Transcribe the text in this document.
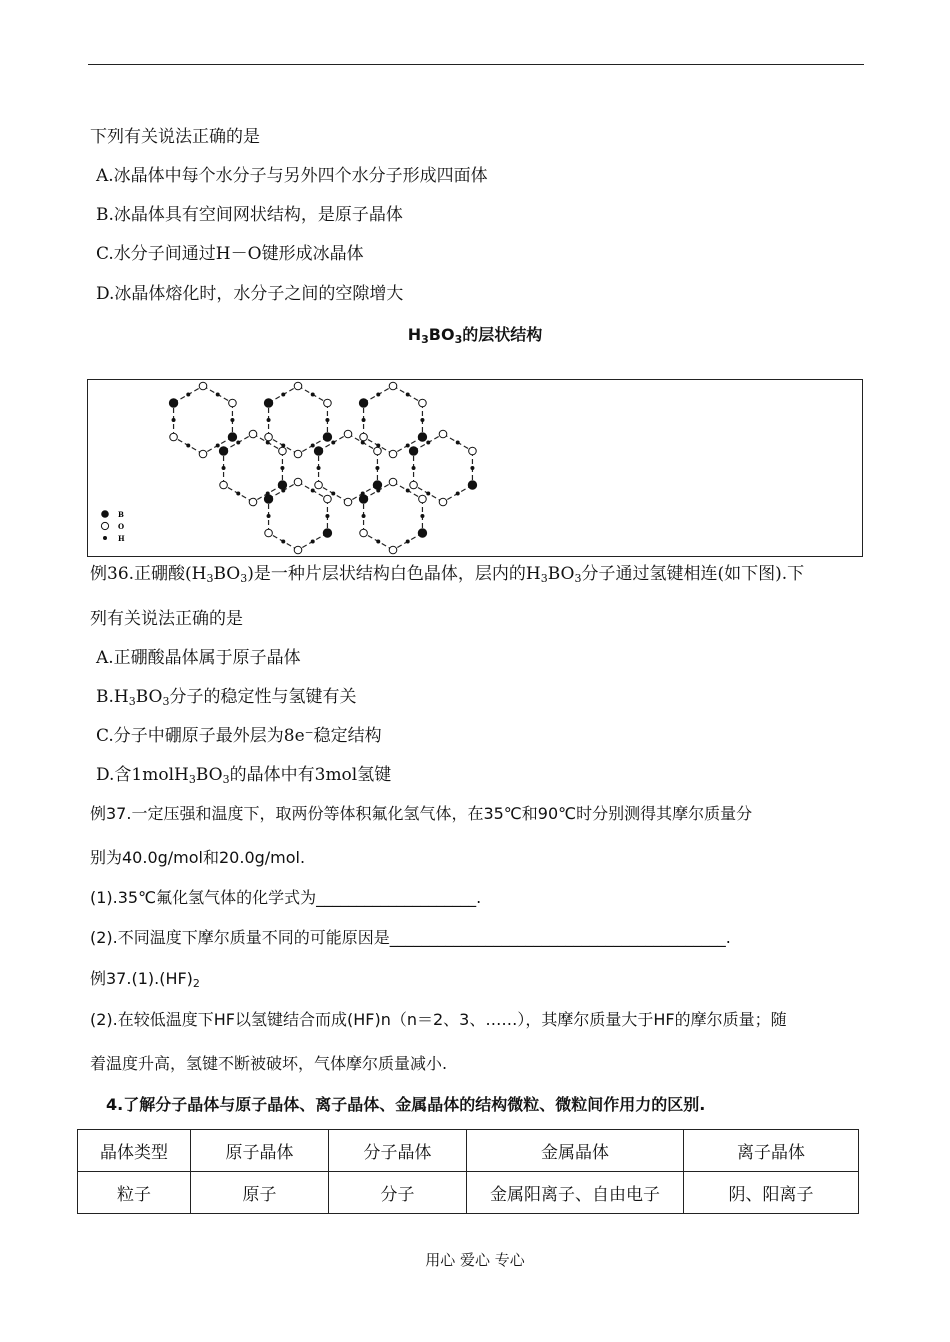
下列有关说法正确的是
A.冰晶体中每个水分子与另外四个水分子形成四面体
B.冰晶体具有空间网状结构，是原子晶体
C.水分子间通过H－O键形成冰晶体
D.冰晶体熔化时，水分子之间的空隙增大
$H_3BO_3$的层状结构
B
O
H
例36.正硼酸$(H_3BO_3)$是一种片层状结构白色晶体，层内的$H_3BO_3$分子通过氢键相连(如下图).下
列有关说法正确的是
A.正硼酸晶体属于原子晶体
$B.H_3BO_3$分子的稳定性与氢键有关
C.分子中硼原子最外层为8e⁻稳定结构
D.含$1molH_3BO_3$的晶体中有3mol氢键
例37.一定压强和温度下，取两份等体积氟化氢气体，在35℃和90℃时分别测得其摩尔质量分
别为40.0g/mol和20.0g/mol.
(1).35℃氟化氢气体的化学式为____________________.
(2).不同温度下摩尔质量不同的可能原因是__________________________________________.
例$37.(1).(HF)_2$
(2).在较低温度下HF以氢键结合而成(HF)n（n＝2、3、……），其摩尔质量大于HF的摩尔质量；随
着温度升高，氢键不断被破坏，气体摩尔质量减小.
4.了解分子晶体与原子晶体、离子晶体、金属晶体的结构微粒、微粒间作用力的区别.
晶体类型	原子晶体	分子晶体	金属晶体	离子晶体
粒子	原子	分子	金属阳离子、自由电子	阴、阳离子
用心 爱心 专心
